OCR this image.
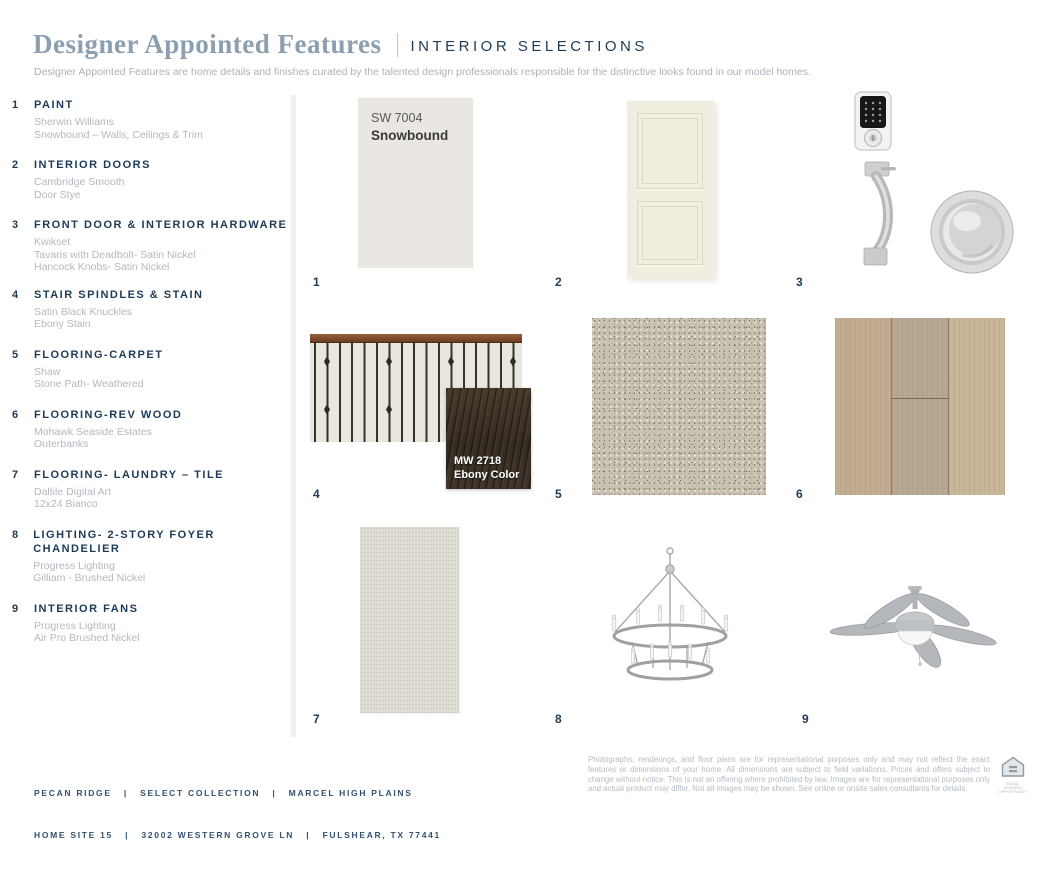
Designer Appointed Features INTERIOR SELECTIONS
Designer Appointed Features are home details and finishes curated by the talented design professionals responsible for the distinctive looks found in our model homes.
1	PAINT
Sherwin Williams
Snowbound – Walls, Ceilings & Trim
2	INTERIOR DOORS
Cambridge Smooth
Door Stye
3	FRONT DOOR & INTERIOR HARDWARE
Kwikset
Tavaris with Deadbolt- Satin Nickel
Hancock Knobs- Satin Nickel
4	STAIR SPINDLES & STAIN
Satin Black Knuckles
Ebony Stain
5	FLOORING-CARPET
Shaw
Stone Path- Weathered
6	FLOORING-REV WOOD
Mohawk Seaside Estates
Outerbanks
7	FLOORING- LAUNDRY – TILE
Daltile Digital Art
12x24 Bianco
8	LIGHTING- 2-STORY FOYER CHANDELIER
Progress Lighting
Gilliam - Brushed Nickel
9	INTERIOR FANS
Progress Lighting
Air Pro Brushed Nickel
SW 7004
Snowbound
1	2	3
MW 2718
Ebony Color
4	5	6
7	8	9

PECAN RIDGE   |   SELECT COLLECTION   |   MARCEL HIGH PLAINS

HOME SITE 15   |   32002 WESTERN GROVE LN   |   FULSHEAR, TX 77441

Photographs, renderings, and floor plans are for representational purposes only and may not reflect the exact features or dimensions of your home. All dimensions are subject to field variations. Prices and offers subject to change without notice. This is not an offering where prohibited by law. Images are for representational purposes only and actual product may differ. Not all images may be shown. See online or onsite sales consultants for details.
EQUAL HOUSING OPPORTUNITY
